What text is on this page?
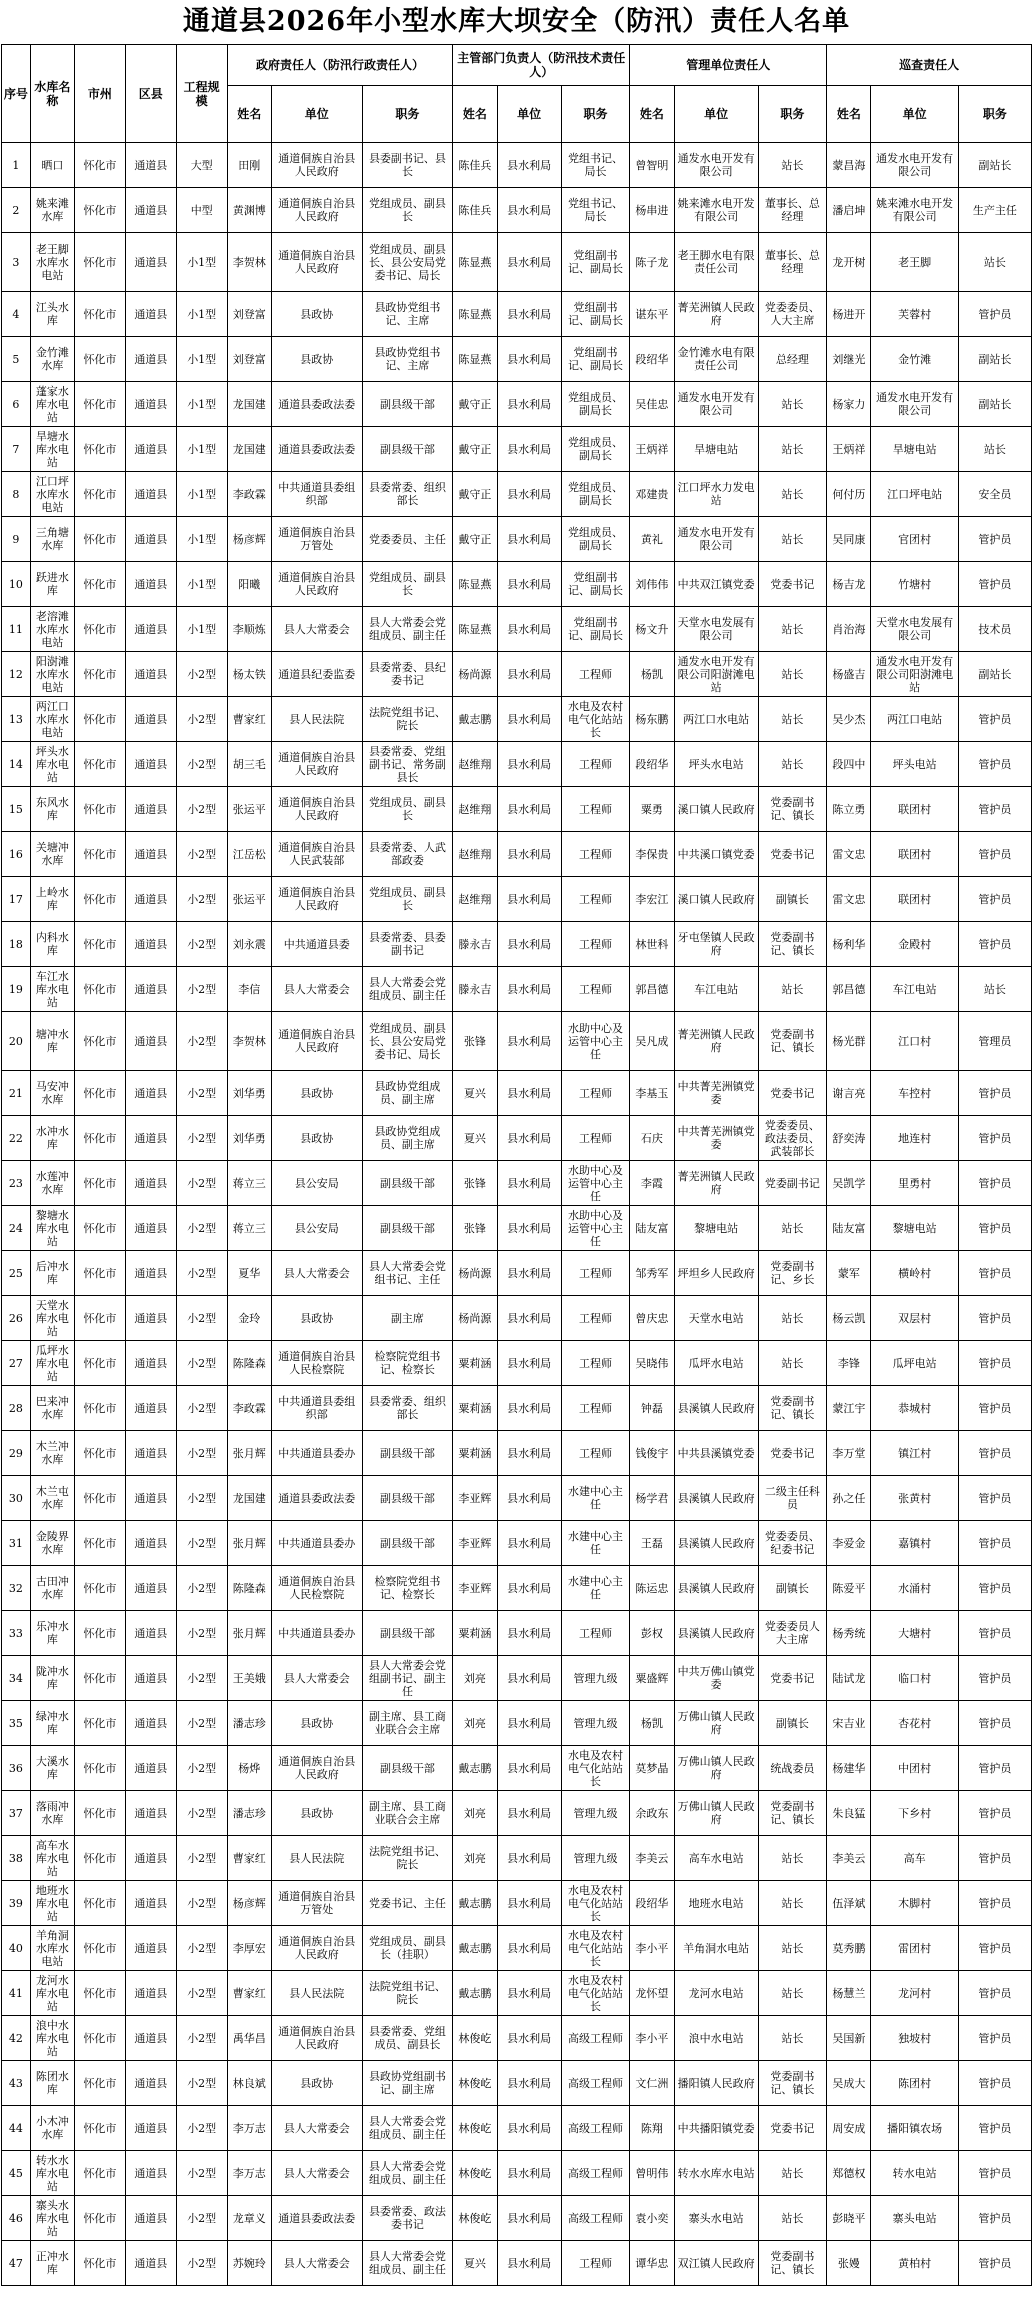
通道县2026年小型水库大坝安全（防汛）责任人名单
序号	水库名称	市州	区县	工程规模	政府责任人（防汛行政责任人）			主管部门负责人（防汛技术责任人）			管理单位责任人			巡查责任人		
					姓名	单位	职务	姓名	单位	职务	姓名	单位	职务	姓名	单位	职务
1	晒口	怀化市	通道县	大型	田刚	通道侗族自治县人民政府	县委副书记、县长	陈佳兵	县水利局	党组书记、局长	曾智明	通发水电开发有限公司	站长	蒙昌海	通发水电开发有限公司	副站长
2	姚来滩水库	怀化市	通道县	中型	黄渊博	通道侗族自治县人民政府	党组成员、副县长	陈佳兵	县水利局	党组书记、局长	杨串进	姚来滩水电开发有限公司	董事长、总经理	潘启坤	姚来滩水电开发有限公司	生产主任
3	老王脚水库水电站	怀化市	通道县	小1型	李贺林	通道侗族自治县人民政府	党组成员、副县长、县公安局党委书记、局长	陈显燕	县水利局	党组副书记、副局长	陈子龙	老王脚水电有限责任公司	董事长、总经理	龙开树	老王脚	站长
4	江头水库	怀化市	通道县	小1型	刘登富	县政协	县政协党组书记、主席	陈显燕	县水利局	党组副书记、副局长	谌东平	菁芜洲镇人民政府	党委委员、人大主席	杨进开	芙蓉村	管护员
5	金竹滩水库	怀化市	通道县	小1型	刘登富	县政协	县政协党组书记、主席	陈显燕	县水利局	党组副书记、副局长	段绍华	金竹滩水电有限责任公司	总经理	刘继光	金竹滩	副站长
6	蓬家水库水电站	怀化市	通道县	小1型	龙国建	通道县委政法委	副县级干部	戴守正	县水利局	党组成员、副局长	吴佳忠	通发水电开发有限公司	站长	杨家力	通发水电开发有限公司	副站长
7	旱塘水库水电站	怀化市	通道县	小1型	龙国建	通道县委政法委	副县级干部	戴守正	县水利局	党组成员、副局长	王炳祥	旱塘电站	站长	王炳祥	旱塘电站	站长
8	江口坪水库水电站	怀化市	通道县	小1型	李政霖	中共通道县委组织部	县委常委、组织部长	戴守正	县水利局	党组成员、副局长	邓建贵	江口坪水力发电站	站长	何付历	江口坪电站	安全员
9	三角塘水库	怀化市	通道县	小1型	杨彦辉	通道侗族自治县万管处	党委委员、主任	戴守正	县水利局	党组成员、副局长	黄礼	通发水电开发有限公司	站长	吴同康	官团村	管护员
10	跃进水库	怀化市	通道县	小1型	阳曦	通道侗族自治县人民政府	党组成员、副县长	陈显燕	县水利局	党组副书记、副局长	刘伟伟	中共双江镇党委	党委书记	杨吉龙	竹塘村	管护员
11	老溶滩水库水电站	怀化市	通道县	小1型	李顺炼	县人大常委会	县人大常委会党组成员、副主任	陈显燕	县水利局	党组副书记、副局长	杨文升	天堂水电发展有限公司	站长	肖治海	天堂水电发展有限公司	技术员
12	阳澍滩水库水电站	怀化市	通道县	小2型	杨太铁	通道县纪委监委	县委常委、县纪委书记	杨尚源	县水利局	工程师	杨凯	通发水电开发有限公司阳澍滩电站	站长	杨盛吉	通发水电开发有限公司阳澍滩电站	副站长
13	两江口水库水电站	怀化市	通道县	小2型	曹家红	县人民法院	法院党组书记、院长	戴志鹏	县水利局	水电及农村电气化站站长	杨东鹏	两江口水电站	站长	吴少杰	两江口电站	管护员
14	坪头水库水电站	怀化市	通道县	小2型	胡三毛	通道侗族自治县人民政府	县委常委、党组副书记、常务副县长	赵维翔	县水利局	工程师	段绍华	坪头水电站	站长	段四中	坪头电站	管护员
15	东风水库	怀化市	通道县	小2型	张运平	通道侗族自治县人民政府	党组成员、副县长	赵维翔	县水利局	工程师	粟勇	溪口镇人民政府	党委副书记、镇长	陈立勇	联团村	管护员
16	关塘冲水库	怀化市	通道县	小2型	江岳松	通道侗族自治县人民武装部	县委常委、人武部政委	赵维翔	县水利局	工程师	李保贵	中共溪口镇党委	党委书记	雷文忠	联团村	管护员
17	上岭水库	怀化市	通道县	小2型	张运平	通道侗族自治县人民政府	党组成员、副县长	赵维翔	县水利局	工程师	李宏江	溪口镇人民政府	副镇长	雷文忠	联团村	管护员
18	内科水库	怀化市	通道县	小2型	刘永震	中共通道县委	县委常委、县委副书记	滕永吉	县水利局	工程师	林世科	牙屯堡镇人民政府	党委副书记、镇长	杨利华	金殿村	管护员
19	车江水库水电站	怀化市	通道县	小2型	李信	县人大常委会	县人大常委会党组成员、副主任	滕永吉	县水利局	工程师	郭昌德	车江电站	站长	郭昌德	车江电站	站长
20	塘冲水库	怀化市	通道县	小2型	李贺林	通道侗族自治县人民政府	党组成员、副县长、县公安局党委书记、局长	张锋	县水利局	水助中心及运管中心主任	吴凡成	菁芜洲镇人民政府	党委副书记、镇长	杨光群	江口村	管理员
21	马安冲水库	怀化市	通道县	小2型	刘华勇	县政协	县政协党组成员、副主席	夏兴	县水利局	工程师	李基玉	中共菁芜洲镇党委	党委书记	谢言亮	车控村	管护员
22	水冲水库	怀化市	通道县	小2型	刘华勇	县政协	县政协党组成员、副主席	夏兴	县水利局	工程师	石庆	中共菁芜洲镇党委	党委委员、政法委员、武装部长	舒奕涛	地连村	管护员
23	水莲冲水库	怀化市	通道县	小2型	蒋立三	县公安局	副县级干部	张锋	县水利局	水助中心及运管中心主任	李霞	菁芜洲镇人民政府	党委副书记	吴凯学	里勇村	管护员
24	黎塘水库水电站	怀化市	通道县	小2型	蒋立三	县公安局	副县级干部	张锋	县水利局	水助中心及运管中心主任	陆友富	黎塘电站	站长	陆友富	黎塘电站	管护员
25	后冲水库	怀化市	通道县	小2型	夏华	县人大常委会	县人大常委会党组书记、主任	杨尚源	县水利局	工程师	邹秀军	坪坦乡人民政府	党委副书记、乡长	蒙军	横岭村	管护员
26	天堂水库水电站	怀化市	通道县	小2型	金玲	县政协	副主席	杨尚源	县水利局	工程师	曾庆忠	天堂水电站	站长	杨云凯	双层村	管护员
27	瓜坪水库水电站	怀化市	通道县	小2型	陈隆森	通道侗族自治县人民检察院	检察院党组书记、检察长	粟莉涵	县水利局	工程师	吴晓伟	瓜坪水电站	站长	李锋	瓜坪电站	管护员
28	巴来冲水库	怀化市	通道县	小2型	李政霖	中共通道县委组织部	县委常委、组织部长	粟莉涵	县水利局	工程师	钟磊	县溪镇人民政府	党委副书记、镇长	蒙江宇	恭城村	管护员
29	木兰冲水库	怀化市	通道县	小2型	张月辉	中共通道县委办	副县级干部	粟莉涵	县水利局	工程师	钱俊宇	中共县溪镇党委	党委书记	李万堂	镇江村	管护员
30	木兰屯水库	怀化市	通道县	小2型	龙国建	通道县委政法委	副县级干部	李亚辉	县水利局	水建中心主任	杨学君	县溪镇人民政府	二级主任科员	孙之任	张黄村	管护员
31	金陵界水库	怀化市	通道县	小2型	张月辉	中共通道县委办	副县级干部	李亚辉	县水利局	水建中心主任	王磊	县溪镇人民政府	党委委员、纪委书记	李爱金	嘉镇村	管护员
32	古田冲水库	怀化市	通道县	小2型	陈隆森	通道侗族自治县人民检察院	检察院党组书记、检察长	李亚辉	县水利局	水建中心主任	陈运忠	县溪镇人民政府	副镇长	陈爱平	水涌村	管护员
33	乐冲水库	怀化市	通道县	小2型	张月辉	中共通道县委办	副县级干部	粟莉涵	县水利局	工程师	彭权	县溪镇人民政府	党委委员人大主席	杨秀统	大塘村	管护员
34	陇冲水库	怀化市	通道县	小2型	王美娥	县人大常委会	县人大常委会党组副书记、副主任	刘亮	县水利局	管理九级	粟盛辉	中共万佛山镇党委	党委书记	陆试龙	临口村	管护员
35	绿冲水库	怀化市	通道县	小2型	潘志珍	县政协	副主席、县工商业联合会主席	刘亮	县水利局	管理九级	杨凯	万佛山镇人民政府	副镇长	宋吉业	杏花村	管护员
36	大溪水库	怀化市	通道县	小2型	杨烨	通道侗族自治县人民政府	副县级干部	戴志鹏	县水利局	水电及农村电气化站站长	莫梦晶	万佛山镇人民政府	统战委员	杨建华	中团村	管护员
37	落雨冲水库	怀化市	通道县	小2型	潘志珍	县政协	副主席、县工商业联合会主席	刘亮	县水利局	管理九级	余政东	万佛山镇人民政府	党委副书记、镇长	朱良猛	下乡村	管护员
38	高车水库水电站	怀化市	通道县	小2型	曹家红	县人民法院	法院党组书记、院长	刘亮	县水利局	管理九级	李美云	高车水电站	站长	李美云	高车	管护员
39	地班水库水电站	怀化市	通道县	小2型	杨彦辉	通道侗族自治县万管处	党委书记、主任	戴志鹏	县水利局	水电及农村电气化站站长	段绍华	地班水电站	站长	伍泽斌	木脚村	管护员
40	羊角洞水库水电站	怀化市	通道县	小2型	李厚宏	通道侗族自治县人民政府	党组成员、副县长（挂职）	戴志鹏	县水利局	水电及农村电气化站站长	李小平	羊角洞水电站	站长	莫秀鹏	雷团村	管护员
41	龙河水库水电站	怀化市	通道县	小2型	曹家红	县人民法院	法院党组书记、院长	戴志鹏	县水利局	水电及农村电气化站站长	龙怀望	龙河水电站	站长	杨慧兰	龙河村	管护员
42	浪中水库水电站	怀化市	通道县	小2型	禹华昌	通道侗族自治县人民政府	县委常委、党组成员、副县长	林俊屹	县水利局	高级工程师	李小平	浪中水电站	站长	吴国新	独坡村	管护员
43	陈团水库	怀化市	通道县	小2型	林良斌	县政协	县政协党组副书记、副主席	林俊屹	县水利局	高级工程师	文仁洲	播阳镇人民政府	党委副书记、镇长	吴成大	陈团村	管护员
44	小木冲水库	怀化市	通道县	小2型	李万志	县人大常委会	县人大常委会党组成员、副主任	林俊屹	县水利局	高级工程师	陈翔	中共播阳镇党委	党委书记	周安成	播阳镇农场	管护员
45	转水水库水电站	怀化市	通道县	小2型	李万志	县人大常委会	县人大常委会党组成员、副主任	林俊屹	县水利局	高级工程师	曾明伟	转水水库水电站	站长	郑德权	转水电站	管护员
46	寨头水库水电站	怀化市	通道县	小2型	龙章义	通道县委政法委	县委常委、政法委书记	林俊屹	县水利局	高级工程师	袁小奕	寨头水电站	站长	彭晓平	寨头电站	管护员
47	正冲水库	怀化市	通道县	小2型	苏婉玲	县人大常委会	县人大常委会党组成员、副主任	夏兴	县水利局	工程师	谭华忠	双江镇人民政府	党委副书记、镇长	张嫚	黄柏村	管护员
